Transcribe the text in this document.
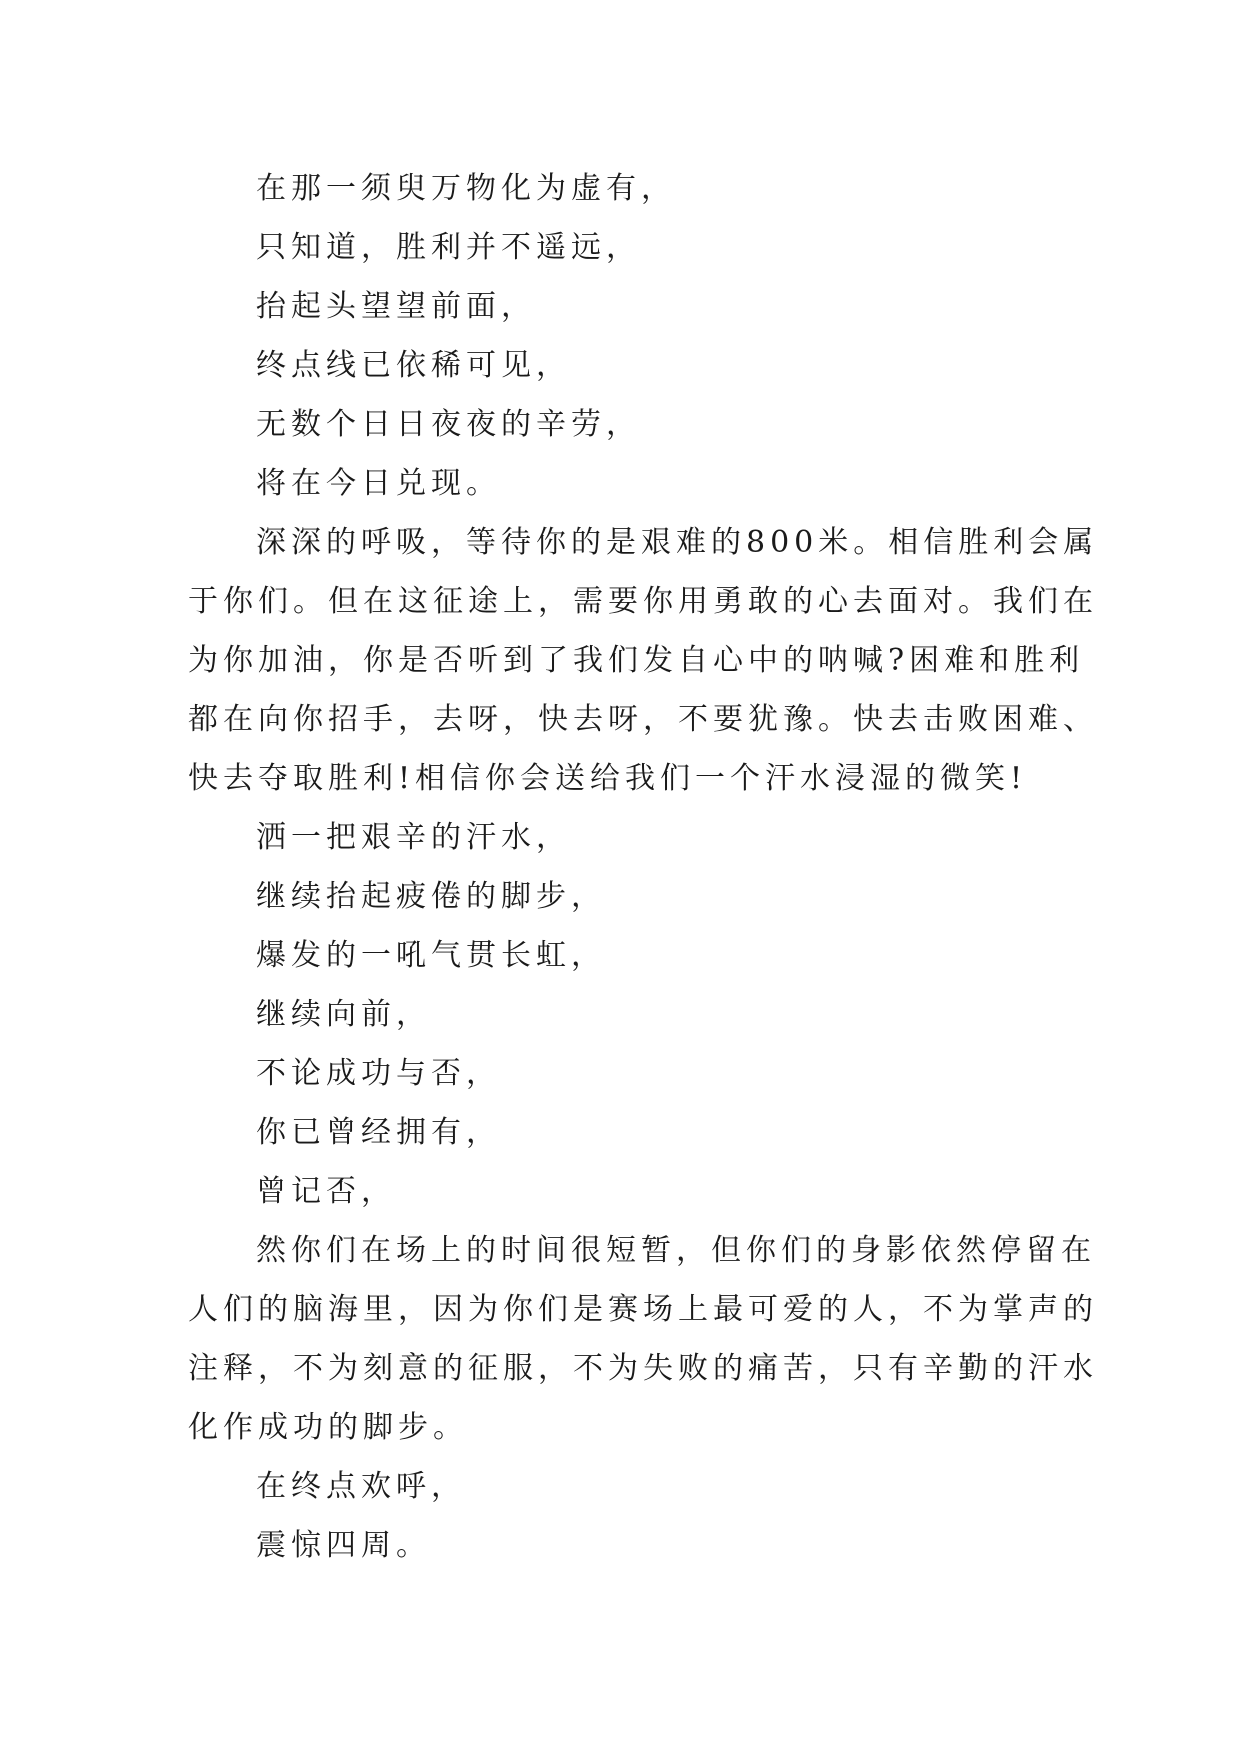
在那一须臾万物化为虚有，
只知道，胜利并不遥远，
抬起头望望前面，
终点线已依稀可见，
无数个日日夜夜的辛劳，
将在今日兑现。
深深的呼吸，等待你的是艰难的800米。相信胜利会属
于你们。但在这征途上，需要你用勇敢的心去面对。我们在
为你加油，你是否听到了我们发自心中的呐喊?困难和胜利
都在向你招手，去呀，快去呀，不要犹豫。快去击败困难、
快去夺取胜利!相信你会送给我们一个汗水浸湿的微笑!
洒一把艰辛的汗水，
继续抬起疲倦的脚步，
爆发的一吼气贯长虹，
继续向前，
不论成功与否，
你已曾经拥有，
曾记否，
然你们在场上的时间很短暂，但你们的身影依然停留在
人们的脑海里，因为你们是赛场上最可爱的人，不为掌声的
注释，不为刻意的征服，不为失败的痛苦，只有辛勤的汗水
化作成功的脚步。
在终点欢呼，
震惊四周。
